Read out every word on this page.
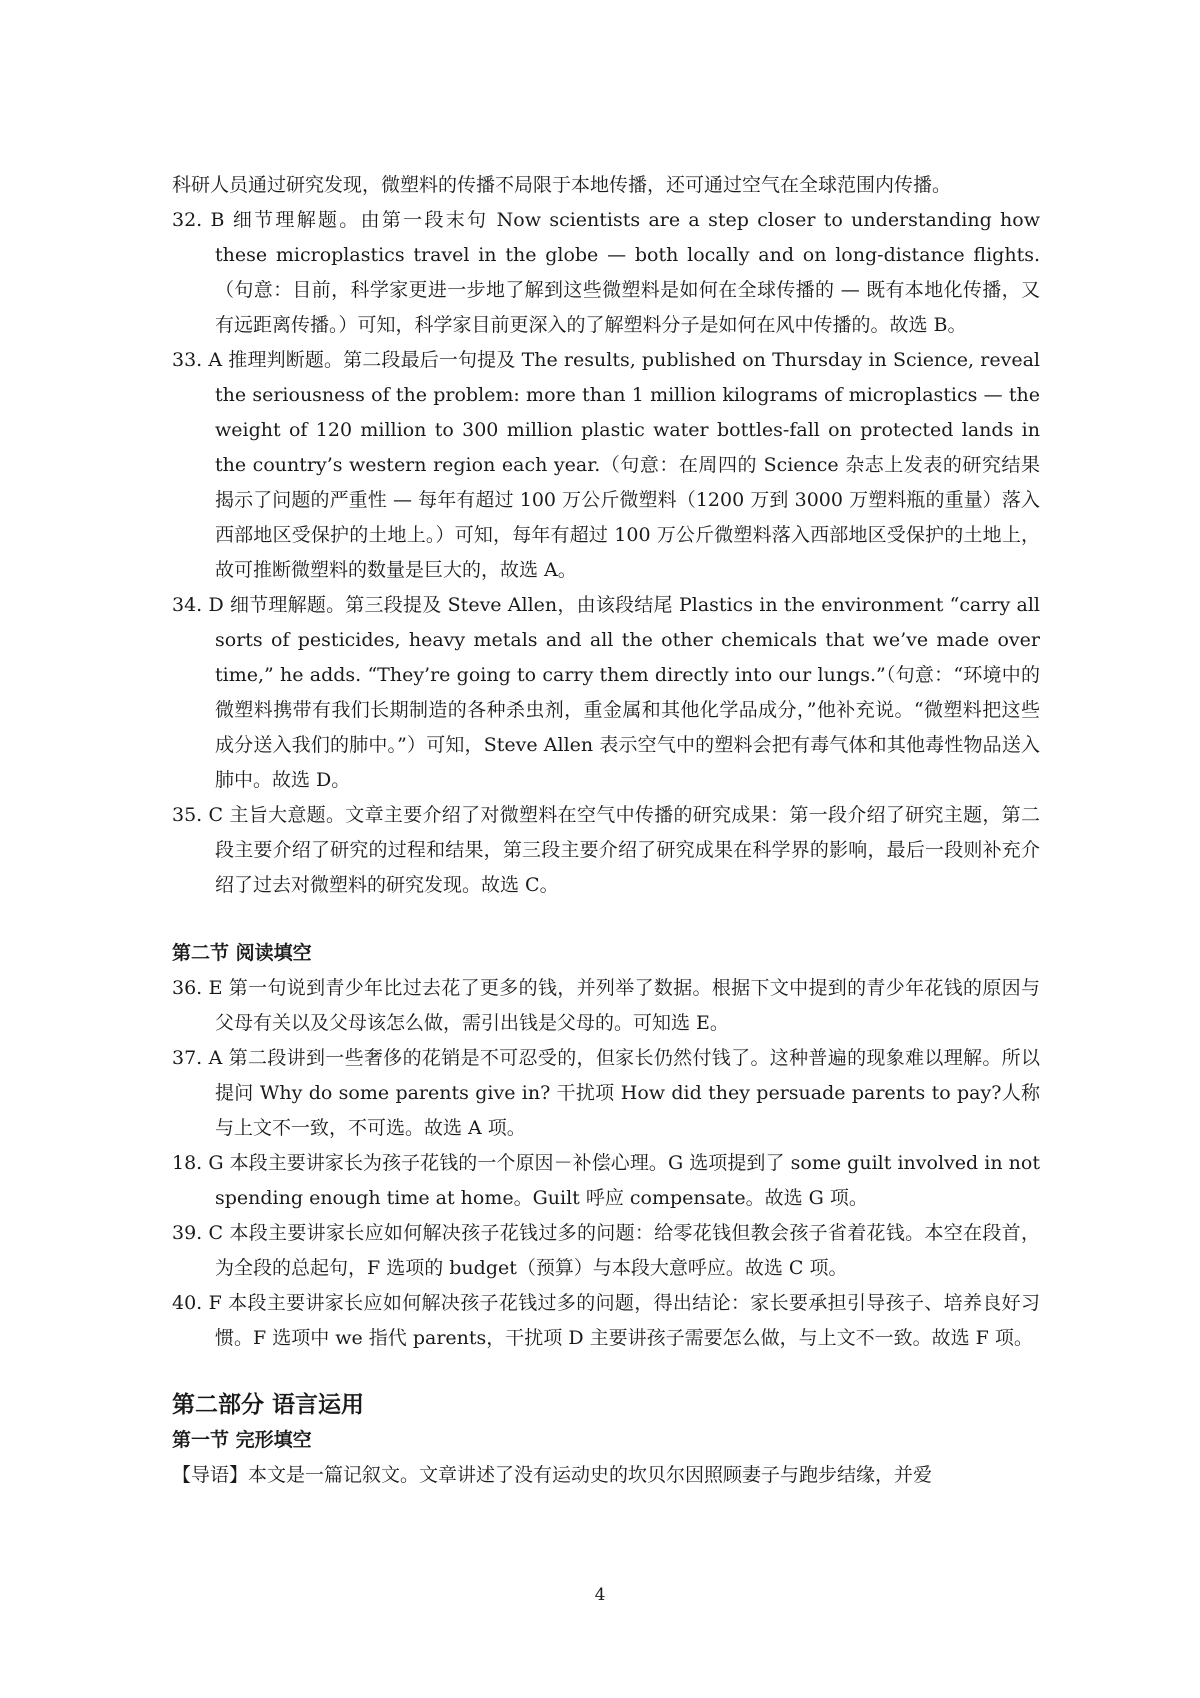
科研人员通过研究发现，微塑料的传播不局限于本地传播，还可通过空气在全球范围内传播。

32. B 细节理解题。由第一段末句 Now scientists are a step closer to understanding how these microplastics travel in the globe — both locally and on long-distance flights.（句意：目前，科学家更进一步地了解到这些微塑料是如何在全球传播的 — 既有本地化传播，又有远距离传播。）可知，科学家目前更深入的了解塑料分子是如何在风中传播的。故选 B。

33. A 推理判断题。第二段最后一句提及 The results, published on Thursday in Science, reveal the seriousness of the problem: more than 1 million kilograms of microplastics — the weight of 120 million to 300 million plastic water bottles-fall on protected lands in the country’s western region each year.（句意：在周四的 Science 杂志上发表的研究结果揭示了问题的严重性 — 每年有超过 100 万公斤微塑料（1200 万到 3000 万塑料瓶的重量）落入西部地区受保护的土地上。）可知，每年有超过 100 万公斤微塑料落入西部地区受保护的土地上，故可推断微塑料的数量是巨大的，故选 A。

34. D 细节理解题。第三段提及 Steve Allen，由该段结尾 Plastics in the environment “carry all sorts of pesticides, heavy metals and all the other chemicals that we’ve made over time,” he adds. “They’re going to carry them directly into our lungs.”（句意：“环境中的微塑料携带有我们长期制造的各种杀虫剂，重金属和其他化学品成分，”他补充说。“微塑料把这些成分送入我们的肺中。”）可知，Steve Allen 表示空气中的塑料会把有毒气体和其他毒性物品送入肺中。故选 D。

35. C 主旨大意题。文章主要介绍了对微塑料在空气中传播的研究成果：第一段介绍了研究主题，第二段主要介绍了研究的过程和结果，第三段主要介绍了研究成果在科学界的影响，最后一段则补充介绍了过去对微塑料的研究发现。故选 C。

第二节 阅读填空

36. E 第一句说到青少年比过去花了更多的钱，并列举了数据。根据下文中提到的青少年花钱的原因与父母有关以及父母该怎么做，需引出钱是父母的。可知选 E。

37. A 第二段讲到一些奢侈的花销是不可忍受的，但家长仍然付钱了。这种普遍的现象难以理解。所以提问 Why do some parents give in? 干扰项 How did they persuade parents to pay?人称与上文不一致，不可选。故选 A 项。

18. G 本段主要讲家长为孩子花钱的一个原因－补偿心理。G 选项提到了 some guilt involved in not spending enough time at home。Guilt 呼应 compensate。故选 G 项。

39. C 本段主要讲家长应如何解决孩子花钱过多的问题：给零花钱但教会孩子省着花钱。本空在段首，为全段的总起句，F 选项的 budget（预算）与本段大意呼应。故选 C 项。

40. F 本段主要讲家长应如何解决孩子花钱过多的问题，得出结论：家长要承担引导孩子、培养良好习惯。F 选项中 we 指代 parents，干扰项 D 主要讲孩子需要怎么做，与上文不一致。故选 F 项。

第二部分 语言运用

第一节 完形填空

【导语】本文是一篇记叙文。文章讲述了没有运动史的坎贝尔因照顾妻子与跑步结缘，并爱

4
